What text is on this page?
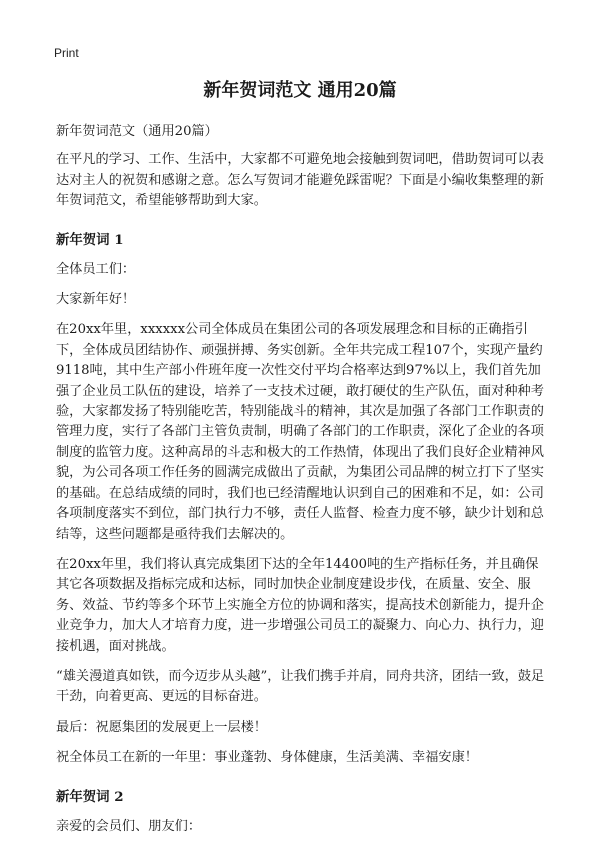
Print
新年贺词范文 通用20篇

新年贺词范文（通用20篇）

在平凡的学习、工作、生活中，大家都不可避免地会接触到贺词吧，借助贺词可以表达对主人的祝贺和感谢之意。怎么写贺词才能避免踩雷呢？下面是小编收集整理的新年贺词范文，希望能够帮助到大家。

新年贺词 1

全体员工们：

大家新年好！

在20xx年里，xxxxxx公司全体成员在集团公司的各项发展理念和目标的正确指引下，全体成员团结协作、顽强拼搏、务实创新。全年共完成工程107个，实现产量约9118吨，其中生产部小件班年度一次性交付平均合格率达到97%以上，我们首先加强了企业员工队伍的建设，培养了一支技术过硬，敢打硬仗的生产队伍，面对种种考验，大家都发扬了特别能吃苦，特别能战斗的精神，其次是加强了各部门工作职责的管理力度，实行了各部门主管负责制，明确了各部门的工作职责，深化了企业的各项制度的监管力度。这种高昂的斗志和极大的工作热情，体现出了我们良好企业精神风貌，为公司各项工作任务的圆满完成做出了贡献，为集团公司品牌的树立打下了坚实的基础。在总结成绩的同时，我们也已经清醒地认识到自己的困难和不足，如：公司各项制度落实不到位，部门执行力不够，责任人监督、检查力度不够，缺少计划和总结等，这些问题都是亟待我们去解决的。

在20xx年里，我们将认真完成集团下达的全年14400吨的生产指标任务，并且确保其它各项数据及指标完成和达标，同时加快企业制度建设步伐，在质量、安全、服务、效益、节约等多个环节上实施全方位的协调和落实，提高技术创新能力，提升企业竞争力，加大人才培育力度，进一步增强公司员工的凝聚力、向心力、执行力，迎接机遇，面对挑战。

“雄关漫道真如铁，而今迈步从头越”，让我们携手并肩，同舟共济，团结一致，鼓足干劲，向着更高、更远的目标奋进。

最后：祝愿集团的发展更上一层楼！

祝全体员工在新的一年里：事业蓬勃、身体健康，生活美满、幸福安康！

新年贺词 2

亲爱的会员们、朋友们：
